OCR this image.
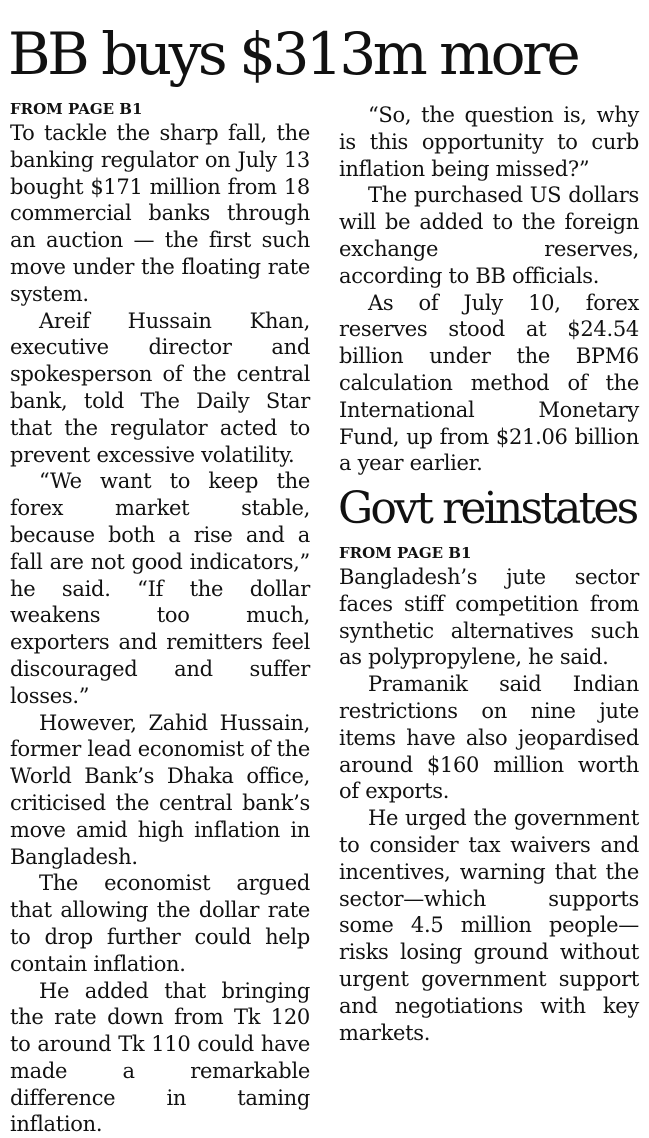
BB buys $313m more
FROM PAGE B1

To tackle the sharp fall, the banking regulator on July 13 bought $171 million from 18 commercial banks through an auction — the first such move under the floating rate system.

Areif Hussain Khan, executive director and spokesperson of the central bank, told The Daily Star that the regulator acted to prevent excessive volatility.

“We want to keep the forex market stable, because both a rise and a fall are not good indicators,” he said. “If the dollar weakens too much, exporters and remitters feel discouraged and suffer losses.”

However, Zahid Hussain, former lead economist of the World Bank’s Dhaka office, criticised the central bank’s move amid high inflation in Bangladesh.

The economist argued that allowing the dollar rate to drop further could help contain inflation.

He added that bringing the rate down from Tk 120 to around Tk 110 could have made a remarkable difference in taming inflation.

“So, the question is, why is this opportunity to curb inflation being missed?”

The purchased US dollars will be added to the foreign exchange reserves, according to BB officials.

As of July 10, forex reserves stood at $24.54 billion under the BPM6 calculation method of the International Monetary Fund, up from $21.06 billion a year earlier.

Govt reinstates
FROM PAGE B1

Bangladesh’s jute sector faces stiff competition from synthetic alternatives such as polypropylene, he said.

Pramanik said Indian restrictions on nine jute items have also jeopardised around $160 million worth of exports.

He urged the government to consider tax waivers and incentives, warning that the sector—which supports some 4.5 million people—risks losing ground without urgent government support and negotiations with key markets.
